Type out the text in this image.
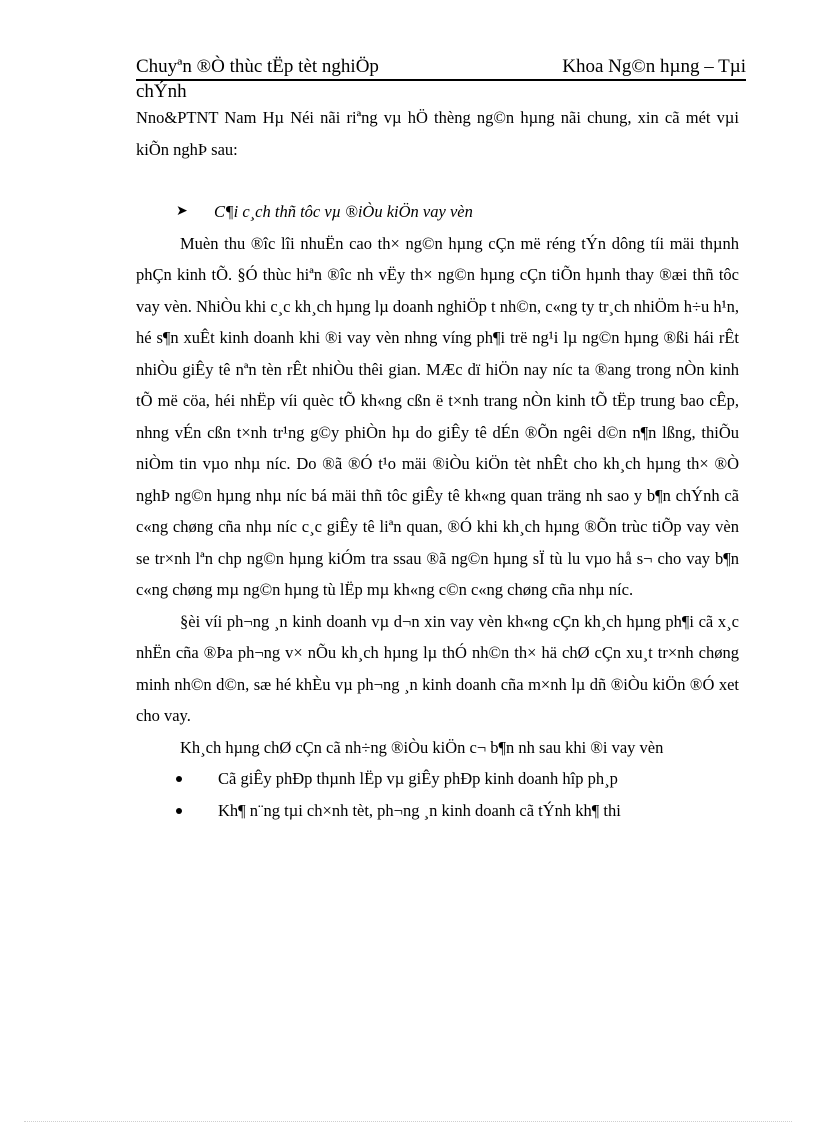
Chuyªn ®Ò thùc tËp tèt nghiÖp	Khoa Ng©n hµng – Tµi
chÝnh

Nno&PTNT Nam Hµ Néi nãi riªng vµ hÖ thèng ng©n hµng nãi chung, xin cã mét vµi kiÕn nghÞ sau:

➤ C¶i c¸ch thñ tôc vµ ®iÒu kiÖn vay vèn

Muèn thu ®îc lîi nhuËn cao th× ng©n hµng cÇn më réng tÝn dông tíi mäi thµnh phÇn kinh tÕ. §Ó thùc hiªn ®îc nh vËy th× ng©n hµng cÇn tiÕn hµnh thay ®æi thñ tôc vay vèn. NhiÒu khi c¸c kh¸ch hµng lµ doanh nghiÖp t nh©n, c«ng ty tr¸ch nhiÖm h÷u h¹n, hé s¶n xuÊt kinh doanh khi ®i vay vèn nhng víng ph¶i trë ng¹i lµ ng©n hµng ®ßi hái rÊt nhiÒu giÊy tê nªn tèn rÊt nhiÒu thêi gian. MÆc dï hiÖn nay níc ta ®ang trong nÒn kinh tÕ më cöa, héi nhËp víi quèc tÕ kh«ng cßn ë t×nh trang nÒn kinh tÕ tËp trung bao cÊp, nhng vÉn cßn t×nh tr¹ng g©y phiÒn hµ do giÊy tê dÉn ®Õn ngêi d©n n¶n lßng, thiÕu niÒm tin vµo nhµ níc. Do ®ã ®Ó t¹o mäi ®iÒu kiÖn tèt nhÊt cho kh¸ch hµng th× ®Ò nghÞ ng©n hµng nhµ níc bá mäi thñ tôc giÊy tê kh«ng quan träng nh sao y b¶n chÝnh cã c«ng chøng cña nhµ níc c¸c giÊy tê liªn quan, ®Ó khi kh¸ch hµng ®Õn trùc tiÕp vay vèn se tr×nh lªn chp ng©n hµng kiÓm tra ssau ®ã ng©n hµng sÏ tù lu vµo hå s¬ cho vay b¶n c«ng chøng mµ ng©n hµng tù lËp mµ kh«ng c©n c«ng chøng cña nhµ níc.

§èi víi ph¬ng ¸n kinh doanh vµ d¬n xin vay vèn kh«ng cÇn kh¸ch hµng ph¶i cã x¸c nhËn cña ®Þa ph¬ng v× nÕu kh¸ch hµng lµ thÓ nh©n th× hä chØ cÇn xu¸t tr×nh chøng minh nh©n d©n, sæ hé khÈu vµ ph¬ng ¸n kinh doanh cña m×nh lµ dñ ®iÒu kiÖn ®Ó xet cho vay.

Kh¸ch hµng chØ cÇn cã nh÷ng ®iÒu kiÖn c¬ b¶n nh sau khi ®i vay vèn

Cã giÊy phÐp thµnh lËp vµ giÊy phÐp kinh doanh hîp ph¸p

Kh¶ n¨ng tµi ch×nh tèt, ph¬ng ¸n kinh doanh cã tÝnh kh¶ thi
